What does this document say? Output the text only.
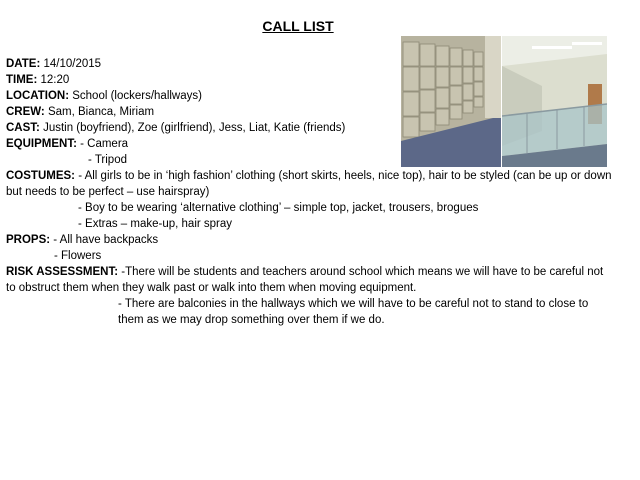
CALL LIST
DATE: 14/10/2015
TIME: 12:20
LOCATION: School (lockers/hallways)
CREW: Sam, Bianca, Miriam
CAST: Justin (boyfriend), Zoe (girlfriend), Jess, Liat, Katie (friends)
EQUIPMENT: - Camera
- Tripod
COSTUMES: - All girls to be in ‘high fashion’ clothing (short skirts, heels, nice top), hair to be styled (can be up or down but needs to be perfect – use hairspray)
- Boy to be wearing ‘alternative clothing’ – simple top, jacket, trousers, brogues
- Extras – make-up, hair spray
PROPS: - All have backpacks
- Flowers
RISK ASSESSMENT: -There will be students and teachers around school which means we will have to be careful not to obstruct them when they walk past or walk into them when moving equipment.
- There are balconies in the hallways which we will have to be careful not to stand to close to them as we may drop something over them if we do.
